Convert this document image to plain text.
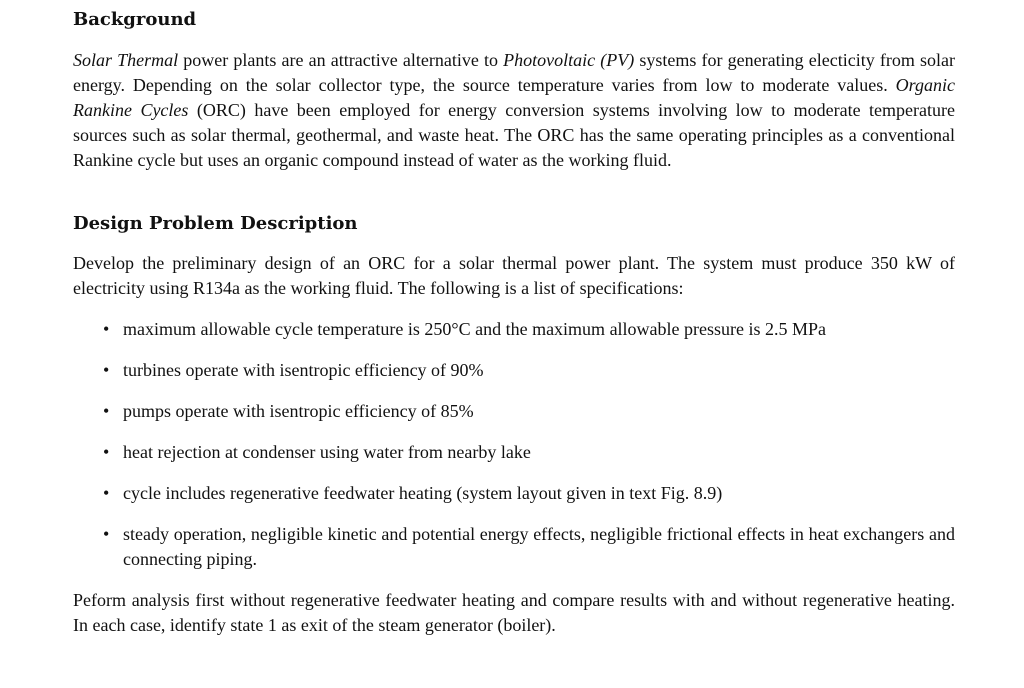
Background

Solar Thermal power plants are an attractive alternative to Photovoltaic (PV) systems for generating electicity from solar energy. Depending on the solar collector type, the source temperature varies from low to moderate values. Organic Rankine Cycles (ORC) have been employed for energy conversion systems involving low to moderate temperature sources such as solar thermal, geothermal, and waste heat. The ORC has the same operating principles as a conventional Rankine cycle but uses an organic compound instead of water as the working fluid.

Design Problem Description

Develop the preliminary design of an ORC for a solar thermal power plant. The system must produce 350 kW of electricity using R134a as the working fluid. The following is a list of specifications:

• maximum allowable cycle temperature is 250°C and the maximum allowable pressure is 2.5 MPa
• turbines operate with isentropic efficiency of 90%
• pumps operate with isentropic efficiency of 85%
• heat rejection at condenser using water from nearby lake
• cycle includes regenerative feedwater heating (system layout given in text Fig. 8.9)
• steady operation, negligible kinetic and potential energy effects, negligible frictional effects in heat exchangers and connecting piping.

Peform analysis first without regenerative feedwater heating and compare results with and without regenerative heating. In each case, identify state 1 as exit of the steam generator (boiler).
